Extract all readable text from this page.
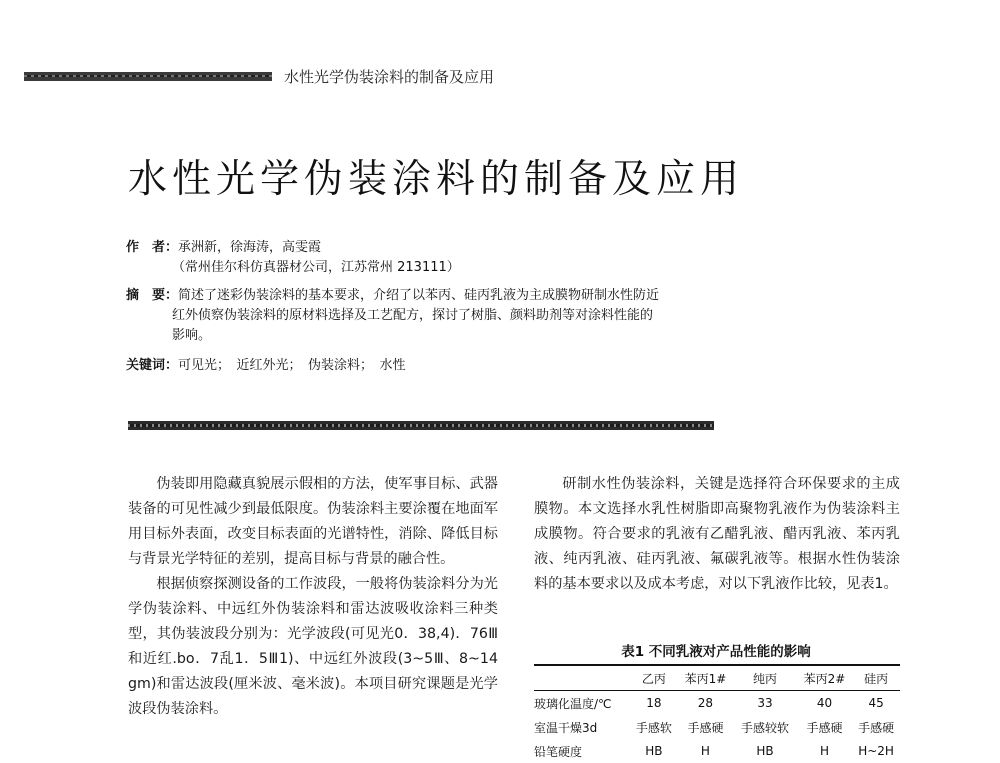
水性光学伪装涂料的制备及应用
水性光学伪装涂料的制备及应用
作　者：承洲新，徐海涛，高雯霞
（常州佳尔科仿真器材公司，江苏常州 213111）
摘　要：简述了迷彩伪装涂料的基本要求，介绍了以苯丙、硅丙乳液为主成膜物研制水性防近
红外侦察伪装涂料的原材料选择及工艺配方，探讨了树脂、颜料助剂等对涂料性能的
影响。
关键词：可见光；　近红外光；　伪装涂料；　水性

伪装即用隐藏真貌展示假相的方法，使军事目标、武器装备的可见性减少到最低限度。伪装涂料主要涂覆在地面军用目标外表面，改变目标表面的光谱特性，消除、降低目标与背景光学特征的差别，提高目标与背景的融合性。

根据侦察探测设备的工作波段，一般将伪装涂料分为光学伪装涂料、中远红外伪装涂料和雷达波吸收涂料三种类型，其伪装波段分别为：光学波段(可见光0．38,4)．76Ⅲ和近红.bo．7乱1．5Ⅲ1)、中远红外波段(3~5Ⅲ、8~14 gm)和雷达波段(厘米波、毫米波)。本项目研究课题是光学波段伪装涂料。

研制水性伪装涂料，关键是选择符合环保要求的主成膜物。本文选择水乳性树脂即高聚物乳液作为伪装涂料主成膜物。符合要求的乳液有乙醋乳液、醋丙乳液、苯丙乳液、纯丙乳液、硅丙乳液、氟碳乳液等。根据水性伪装涂料的基本要求以及成本考虑，对以下乳液作比较，见表1。

表1 不同乳液对产品性能的影响
	乙丙	苯丙1#	纯丙	苯丙2#	硅丙
玻璃化温度/℃	18	28	33	40	45
室温干燥3d	手感软	手感硬	手感较软	手感硬	手感硬
铅笔硬度	HB	H	HB	H	H~2H
